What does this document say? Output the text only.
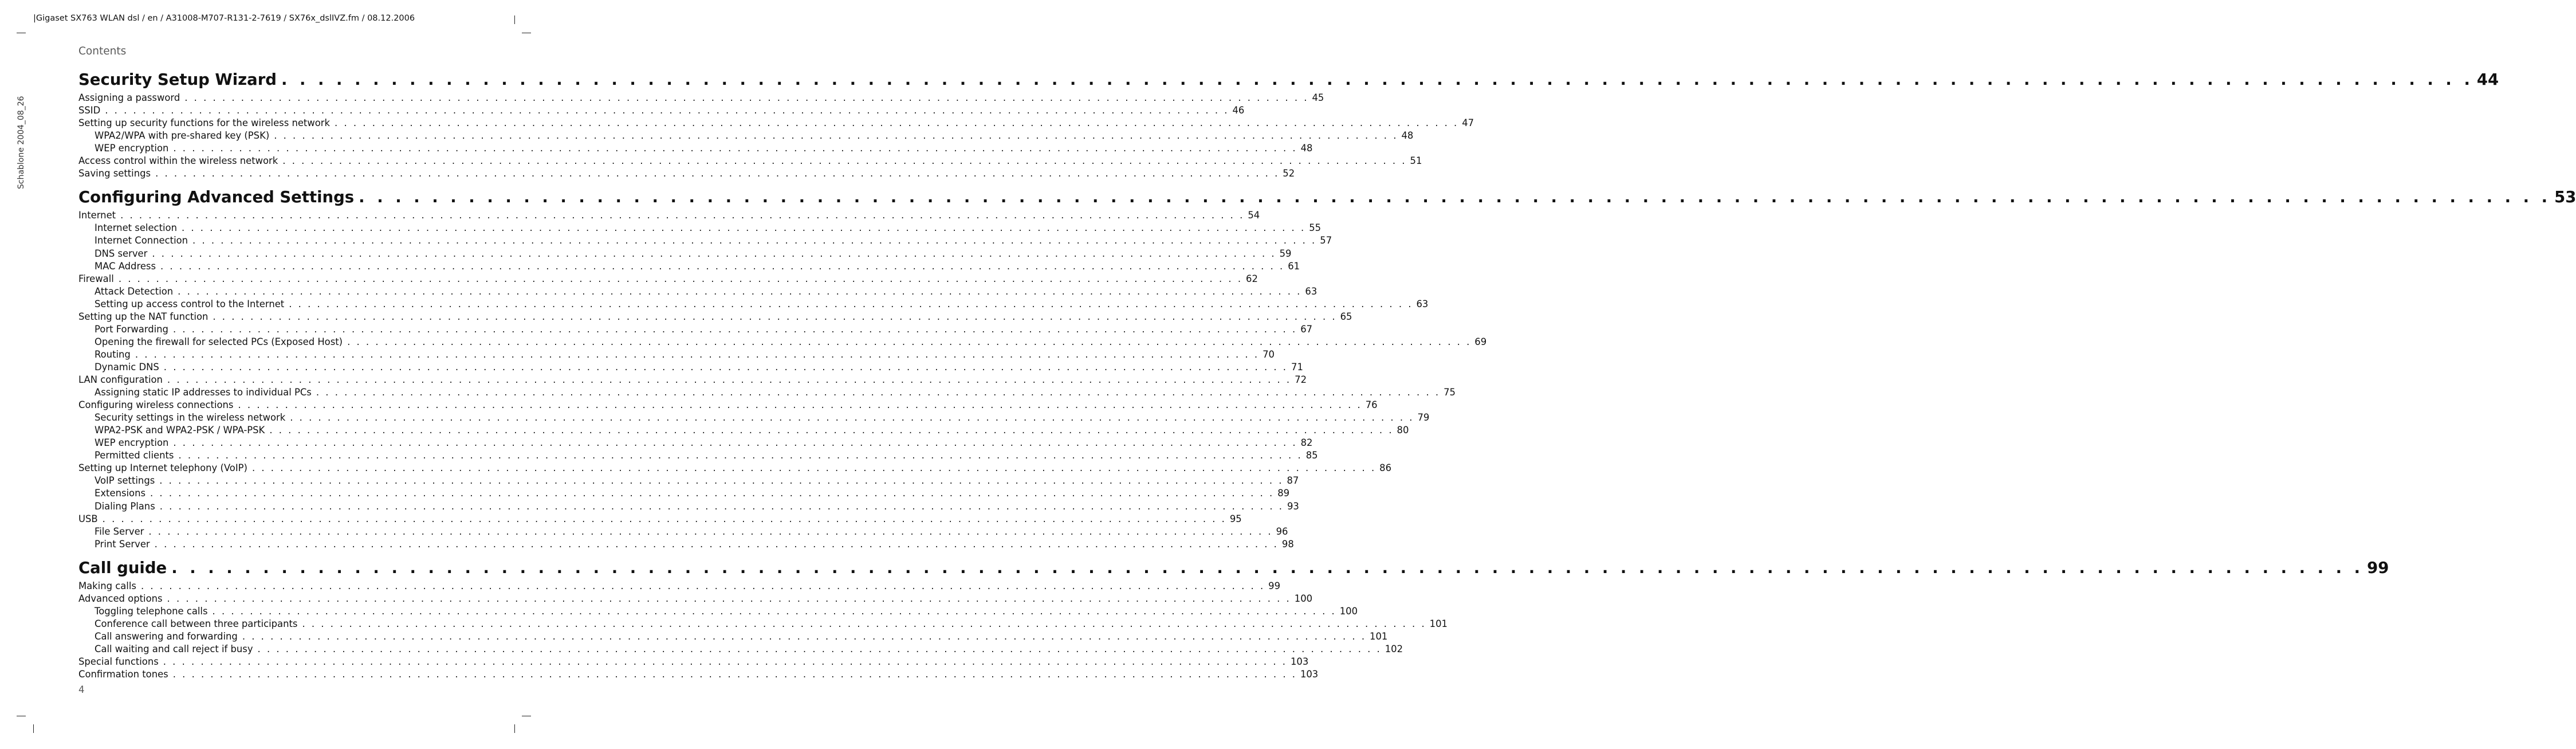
|Gigaset SX763 WLAN dsl / en / A31008-M707-R131-2-7619 / SX76x_dslIVZ.fm / 08.12.2006
Schablone 2004_08_26
Contents
Security Setup Wizard . . . . . . . . . . . . . . . . . . . . . . . . . . . . . . . . . . . . . . . . . . . . . . . . . . . . . . . . . . . . . . . . . . . . . . . . . . . . . . . . . . . . . . . . . . . . . . . . . . . . . . . . . . . . . . . . . . . . . . . . 44
Assigning a password . . . . . . . . . . . . . . . . . . . . . . . . . . . . . . . . . . . . . . . . . . . . . . . . . . . . . . . . . . . . . . . . . . . . . . . . . . . . . . . . . . . . . . . . . . . . . . . . . . . . . . . . . . . . . . . . . . . . . . . . 45
SSID . . . . . . . . . . . . . . . . . . . . . . . . . . . . . . . . . . . . . . . . . . . . . . . . . . . . . . . . . . . . . . . . . . . . . . . . . . . . . . . . . . . . . . . . . . . . . . . . . . . . . . . . . . . . . . . . . . . . . . . . 46
Setting up security functions for the wireless network . . . . . . . . . . . . . . . . . . . . . . . . . . . . . . . . . . . . . . . . . . . . . . . . . . . . . . . . . . . . . . . . . . . . . . . . . . . . . . . . . . . . . . . . . . . . . . . . . . . . . . . . . . . . . . . . . . . . . . . . 47
WPA2/WPA with pre-shared key (PSK) . . . . . . . . . . . . . . . . . . . . . . . . . . . . . . . . . . . . . . . . . . . . . . . . . . . . . . . . . . . . . . . . . . . . . . . . . . . . . . . . . . . . . . . . . . . . . . . . . . . . . . . . . . . . . . . . . . . . . . . . 48
WEP encryption . . . . . . . . . . . . . . . . . . . . . . . . . . . . . . . . . . . . . . . . . . . . . . . . . . . . . . . . . . . . . . . . . . . . . . . . . . . . . . . . . . . . . . . . . . . . . . . . . . . . . . . . . . . . . . . . . . . . . . . . 48
Access control within the wireless network . . . . . . . . . . . . . . . . . . . . . . . . . . . . . . . . . . . . . . . . . . . . . . . . . . . . . . . . . . . . . . . . . . . . . . . . . . . . . . . . . . . . . . . . . . . . . . . . . . . . . . . . . . . . . . . . . . . . . . . . 51
Saving settings . . . . . . . . . . . . . . . . . . . . . . . . . . . . . . . . . . . . . . . . . . . . . . . . . . . . . . . . . . . . . . . . . . . . . . . . . . . . . . . . . . . . . . . . . . . . . . . . . . . . . . . . . . . . . . . . . . . . . . . . 52
Configuring Advanced Settings . . . . . . . . . . . . . . . . . . . . . . . . . . . . . . . . . . . . . . . . . . . . . . . . . . . . . . . . . . . . . . . . . . . . . . . . . . . . . . . . . . . . . . . . . . . . . . . . . . . . . . . . . . . . . . . . . . . . . . . . 53
Internet . . . . . . . . . . . . . . . . . . . . . . . . . . . . . . . . . . . . . . . . . . . . . . . . . . . . . . . . . . . . . . . . . . . . . . . . . . . . . . . . . . . . . . . . . . . . . . . . . . . . . . . . . . . . . . . . . . . . . . . . 54
Internet selection . . . . . . . . . . . . . . . . . . . . . . . . . . . . . . . . . . . . . . . . . . . . . . . . . . . . . . . . . . . . . . . . . . . . . . . . . . . . . . . . . . . . . . . . . . . . . . . . . . . . . . . . . . . . . . . . . . . . . . . . 55
Internet Connection . . . . . . . . . . . . . . . . . . . . . . . . . . . . . . . . . . . . . . . . . . . . . . . . . . . . . . . . . . . . . . . . . . . . . . . . . . . . . . . . . . . . . . . . . . . . . . . . . . . . . . . . . . . . . . . . . . . . . . . . 57
DNS server . . . . . . . . . . . . . . . . . . . . . . . . . . . . . . . . . . . . . . . . . . . . . . . . . . . . . . . . . . . . . . . . . . . . . . . . . . . . . . . . . . . . . . . . . . . . . . . . . . . . . . . . . . . . . . . . . . . . . . . . 59
MAC Address . . . . . . . . . . . . . . . . . . . . . . . . . . . . . . . . . . . . . . . . . . . . . . . . . . . . . . . . . . . . . . . . . . . . . . . . . . . . . . . . . . . . . . . . . . . . . . . . . . . . . . . . . . . . . . . . . . . . . . . . 61
Firewall . . . . . . . . . . . . . . . . . . . . . . . . . . . . . . . . . . . . . . . . . . . . . . . . . . . . . . . . . . . . . . . . . . . . . . . . . . . . . . . . . . . . . . . . . . . . . . . . . . . . . . . . . . . . . . . . . . . . . . . . 62
Attack Detection . . . . . . . . . . . . . . . . . . . . . . . . . . . . . . . . . . . . . . . . . . . . . . . . . . . . . . . . . . . . . . . . . . . . . . . . . . . . . . . . . . . . . . . . . . . . . . . . . . . . . . . . . . . . . . . . . . . . . . . . 63
Setting up access control to the Internet . . . . . . . . . . . . . . . . . . . . . . . . . . . . . . . . . . . . . . . . . . . . . . . . . . . . . . . . . . . . . . . . . . . . . . . . . . . . . . . . . . . . . . . . . . . . . . . . . . . . . . . . . . . . . . . . . . . . . . . . 63
Setting up the NAT function . . . . . . . . . . . . . . . . . . . . . . . . . . . . . . . . . . . . . . . . . . . . . . . . . . . . . . . . . . . . . . . . . . . . . . . . . . . . . . . . . . . . . . . . . . . . . . . . . . . . . . . . . . . . . . . . . . . . . . . . 65
Port Forwarding . . . . . . . . . . . . . . . . . . . . . . . . . . . . . . . . . . . . . . . . . . . . . . . . . . . . . . . . . . . . . . . . . . . . . . . . . . . . . . . . . . . . . . . . . . . . . . . . . . . . . . . . . . . . . . . . . . . . . . . . 67
Opening the firewall for selected PCs (Exposed Host) . . . . . . . . . . . . . . . . . . . . . . . . . . . . . . . . . . . . . . . . . . . . . . . . . . . . . . . . . . . . . . . . . . . . . . . . . . . . . . . . . . . . . . . . . . . . . . . . . . . . . . . . . . . . . . . . . . . . . . . . 69
Routing . . . . . . . . . . . . . . . . . . . . . . . . . . . . . . . . . . . . . . . . . . . . . . . . . . . . . . . . . . . . . . . . . . . . . . . . . . . . . . . . . . . . . . . . . . . . . . . . . . . . . . . . . . . . . . . . . . . . . . . . 70
Dynamic DNS . . . . . . . . . . . . . . . . . . . . . . . . . . . . . . . . . . . . . . . . . . . . . . . . . . . . . . . . . . . . . . . . . . . . . . . . . . . . . . . . . . . . . . . . . . . . . . . . . . . . . . . . . . . . . . . . . . . . . . . . 71
LAN configuration . . . . . . . . . . . . . . . . . . . . . . . . . . . . . . . . . . . . . . . . . . . . . . . . . . . . . . . . . . . . . . . . . . . . . . . . . . . . . . . . . . . . . . . . . . . . . . . . . . . . . . . . . . . . . . . . . . . . . . . . 72
Assigning static IP addresses to individual PCs . . . . . . . . . . . . . . . . . . . . . . . . . . . . . . . . . . . . . . . . . . . . . . . . . . . . . . . . . . . . . . . . . . . . . . . . . . . . . . . . . . . . . . . . . . . . . . . . . . . . . . . . . . . . . . . . . . . . . . . . 75
Configuring wireless connections . . . . . . . . . . . . . . . . . . . . . . . . . . . . . . . . . . . . . . . . . . . . . . . . . . . . . . . . . . . . . . . . . . . . . . . . . . . . . . . . . . . . . . . . . . . . . . . . . . . . . . . . . . . . . . . . . . . . . . . . 76
Security settings in the wireless network . . . . . . . . . . . . . . . . . . . . . . . . . . . . . . . . . . . . . . . . . . . . . . . . . . . . . . . . . . . . . . . . . . . . . . . . . . . . . . . . . . . . . . . . . . . . . . . . . . . . . . . . . . . . . . . . . . . . . . . . 79
WPA2-PSK and WPA2-PSK / WPA-PSK . . . . . . . . . . . . . . . . . . . . . . . . . . . . . . . . . . . . . . . . . . . . . . . . . . . . . . . . . . . . . . . . . . . . . . . . . . . . . . . . . . . . . . . . . . . . . . . . . . . . . . . . . . . . . . . . . . . . . . . . 80
WEP encryption . . . . . . . . . . . . . . . . . . . . . . . . . . . . . . . . . . . . . . . . . . . . . . . . . . . . . . . . . . . . . . . . . . . . . . . . . . . . . . . . . . . . . . . . . . . . . . . . . . . . . . . . . . . . . . . . . . . . . . . . 82
Permitted clients . . . . . . . . . . . . . . . . . . . . . . . . . . . . . . . . . . . . . . . . . . . . . . . . . . . . . . . . . . . . . . . . . . . . . . . . . . . . . . . . . . . . . . . . . . . . . . . . . . . . . . . . . . . . . . . . . . . . . . . . 85
Setting up Internet telephony (VoIP) . . . . . . . . . . . . . . . . . . . . . . . . . . . . . . . . . . . . . . . . . . . . . . . . . . . . . . . . . . . . . . . . . . . . . . . . . . . . . . . . . . . . . . . . . . . . . . . . . . . . . . . . . . . . . . . . . . . . . . . . 86
VoIP settings . . . . . . . . . . . . . . . . . . . . . . . . . . . . . . . . . . . . . . . . . . . . . . . . . . . . . . . . . . . . . . . . . . . . . . . . . . . . . . . . . . . . . . . . . . . . . . . . . . . . . . . . . . . . . . . . . . . . . . . . 87
Extensions . . . . . . . . . . . . . . . . . . . . . . . . . . . . . . . . . . . . . . . . . . . . . . . . . . . . . . . . . . . . . . . . . . . . . . . . . . . . . . . . . . . . . . . . . . . . . . . . . . . . . . . . . . . . . . . . . . . . . . . . 89
Dialing Plans . . . . . . . . . . . . . . . . . . . . . . . . . . . . . . . . . . . . . . . . . . . . . . . . . . . . . . . . . . . . . . . . . . . . . . . . . . . . . . . . . . . . . . . . . . . . . . . . . . . . . . . . . . . . . . . . . . . . . . . . 93
USB . . . . . . . . . . . . . . . . . . . . . . . . . . . . . . . . . . . . . . . . . . . . . . . . . . . . . . . . . . . . . . . . . . . . . . . . . . . . . . . . . . . . . . . . . . . . . . . . . . . . . . . . . . . . . . . . . . . . . . . . 95
File Server . . . . . . . . . . . . . . . . . . . . . . . . . . . . . . . . . . . . . . . . . . . . . . . . . . . . . . . . . . . . . . . . . . . . . . . . . . . . . . . . . . . . . . . . . . . . . . . . . . . . . . . . . . . . . . . . . . . . . . . . 96
Print Server . . . . . . . . . . . . . . . . . . . . . . . . . . . . . . . . . . . . . . . . . . . . . . . . . . . . . . . . . . . . . . . . . . . . . . . . . . . . . . . . . . . . . . . . . . . . . . . . . . . . . . . . . . . . . . . . . . . . . . . . 98
Call guide . . . . . . . . . . . . . . . . . . . . . . . . . . . . . . . . . . . . . . . . . . . . . . . . . . . . . . . . . . . . . . . . . . . . . . . . . . . . . . . . . . . . . . . . . . . . . . . . . . . . . . . . . . . . . . . . . . . . . . . . 99
Making calls . . . . . . . . . . . . . . . . . . . . . . . . . . . . . . . . . . . . . . . . . . . . . . . . . . . . . . . . . . . . . . . . . . . . . . . . . . . . . . . . . . . . . . . . . . . . . . . . . . . . . . . . . . . . . . . . . . . . . . . . 99
Advanced options . . . . . . . . . . . . . . . . . . . . . . . . . . . . . . . . . . . . . . . . . . . . . . . . . . . . . . . . . . . . . . . . . . . . . . . . . . . . . . . . . . . . . . . . . . . . . . . . . . . . . . . . . . . . . . . . . . . . . . . . 100
Toggling telephone calls . . . . . . . . . . . . . . . . . . . . . . . . . . . . . . . . . . . . . . . . . . . . . . . . . . . . . . . . . . . . . . . . . . . . . . . . . . . . . . . . . . . . . . . . . . . . . . . . . . . . . . . . . . . . . . . . . . . . . . . . 100
Conference call between three participants . . . . . . . . . . . . . . . . . . . . . . . . . . . . . . . . . . . . . . . . . . . . . . . . . . . . . . . . . . . . . . . . . . . . . . . . . . . . . . . . . . . . . . . . . . . . . . . . . . . . . . . . . . . . . . . . . . . . . . . . 101
Call answering and forwarding . . . . . . . . . . . . . . . . . . . . . . . . . . . . . . . . . . . . . . . . . . . . . . . . . . . . . . . . . . . . . . . . . . . . . . . . . . . . . . . . . . . . . . . . . . . . . . . . . . . . . . . . . . . . . . . . . . . . . . . . 101
Call waiting and call reject if busy . . . . . . . . . . . . . . . . . . . . . . . . . . . . . . . . . . . . . . . . . . . . . . . . . . . . . . . . . . . . . . . . . . . . . . . . . . . . . . . . . . . . . . . . . . . . . . . . . . . . . . . . . . . . . . . . . . . . . . . . 102
Special functions . . . . . . . . . . . . . . . . . . . . . . . . . . . . . . . . . . . . . . . . . . . . . . . . . . . . . . . . . . . . . . . . . . . . . . . . . . . . . . . . . . . . . . . . . . . . . . . . . . . . . . . . . . . . . . . . . . . . . . . . 103
Confirmation tones . . . . . . . . . . . . . . . . . . . . . . . . . . . . . . . . . . . . . . . . . . . . . . . . . . . . . . . . . . . . . . . . . . . . . . . . . . . . . . . . . . . . . . . . . . . . . . . . . . . . . . . . . . . . . . . . . . . . . . . . 103
4
